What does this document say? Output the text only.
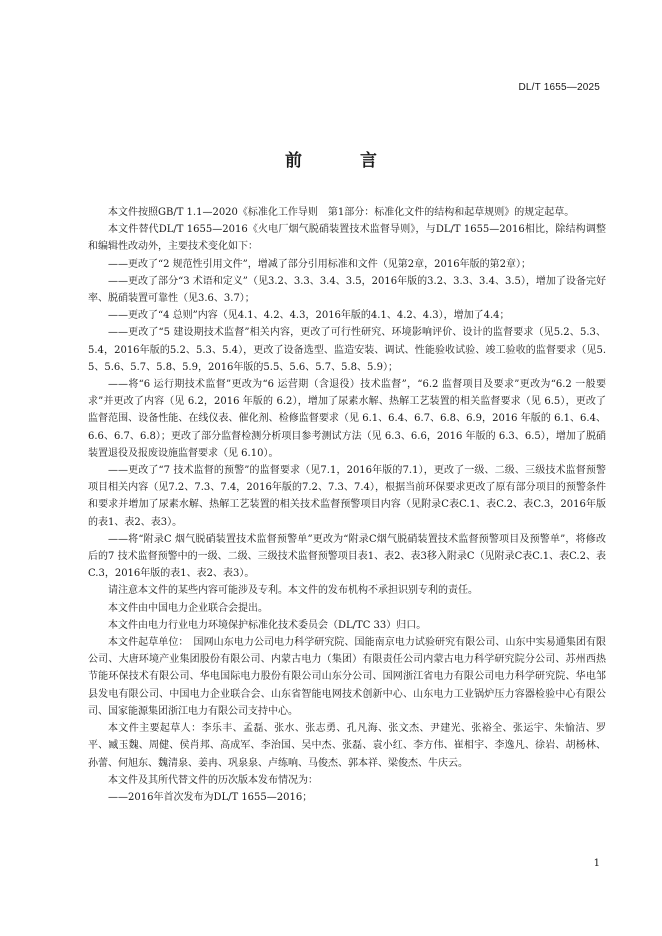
DL/T 1655—2025
前 言

本文件按照GB/T 1.1—2020《标准化工作导则　第1部分：标准化文件的结构和起草规则》的规定起草。

本文件替代DL/T 1655—2016《火电厂烟气脱硝装置技术监督导则》，与DL/T 1655—2016相比，除结构调整和编辑性改动外，主要技术变化如下：

——更改了“2 规范性引用文件”，增减了部分引用标准和文件（见第2章，2016年版的第2章）；

——更改了部分“3 术语和定义”（见3.2、3.3、3.4、3.5，2016年版的3.2、3.3、3.4、3.5），增加了设备完好率、脱硝装置可靠性（见3.6、3.7）；

——更改了“4 总则”内容（见4.1、4.2、4.3，2016年版的4.1、4.2、4.3），增加了4.4；

——更改了“5 建设期技术监督”相关内容，更改了可行性研究、环境影响评价、设计的监督要求（见5.2、5.3、5.4，2016年版的5.2、5.3、5.4），更改了设备选型、监造安装、调试、性能验收试验、竣工验收的监督要求（见5.5、5.6、5.7、5.8、5.9，2016年版的5.5、5.6、5.7、5.8、5.9）；

——将“6 运行期技术监督”更改为“6 运营期（含退役）技术监督”，“6.2 监督项目及要求”更改为“6.2 一般要求”并更改了内容（见 6.2，2016 年版的 6.2），增加了尿素水解、热解工艺装置的相关监督要求（见 6.5），更改了监督范围、设备性能、在线仪表、催化剂、检修监督要求（见 6.1、6.4、6.7、6.8、6.9，2016 年版的 6.1、6.4、6.6、6.7、6.8）；更改了部分监督检测分析项目参考测试方法（见 6.3、6.6，2016 年版的 6.3、6.5），增加了脱硝装置退役及报废设施监督要求（见 6.10）。

——更改了“7 技术监督的预警”的监督要求（见7.1，2016年版的7.1），更改了一级、二级、三级技术监督预警项目相关内容（见7.2、7.3、7.4，2016年版的7.2、7.3、7.4），根据当前环保要求更改了原有部分项目的预警条件和要求并增加了尿素水解、热解工艺装置的相关技术监督预警项目内容（见附录C表C.1、表C.2、表C.3，2016年版的表1、表2、表3）。

——将“附录C 烟气脱硝装置技术监督预警单”更改为“附录C烟气脱硝装置技术监督预警项目及预警单”，将修改后的7 技术监督预警中的一级、二级、三级技术监督预警项目表1、表2、表3移入附录C（见附录C表C.1、表C.2、表C.3，2016年版的表1、表2、表3）。

请注意本文件的某些内容可能涉及专利。本文件的发布机构不承担识别专利的责任。

本文件由中国电力企业联合会提出。

本文件由电力行业电力环境保护标准化技术委员会（DL/TC 33）归口。

本文件起草单位：　国网山东电力公司电力科学研究院、国能南京电力试验研究有限公司、山东中实易通集团有限公司、大唐环境产业集团股份有限公司、内蒙古电力（集团）有限责任公司内蒙古电力科学研究院分公司、苏州西热节能环保技术有限公司、华电国际电力股份有限公司山东分公司、国网浙江省电力有限公司电力科学研究院、华电邹县发电有限公司、中国电力企业联合会、山东省智能电网技术创新中心、山东电力工业锅炉压力容器检验中心有限公司、国家能源集团浙江电力有限公司支持中心。

本文件主要起草人：李乐丰、孟磊、张水、张志勇、孔凡海、张文杰、尹建光、张裕全、张运宇、朱愉洁、罗平、臧玉魏、周健、侯肖邦、高成军、李治国、吴中杰、张磊、袁小红、李方伟、崔相宇、李逸凡、徐岩、胡杨林、孙蕾、何旭东、魏清泉、姜冉、巩泉泉、卢练响、马俊杰、郭本祥、梁俊杰、牛庆云。

本文件及其所代替文件的历次版本发布情况为：

——2016年首次发布为DL/T 1655—2016；

1
